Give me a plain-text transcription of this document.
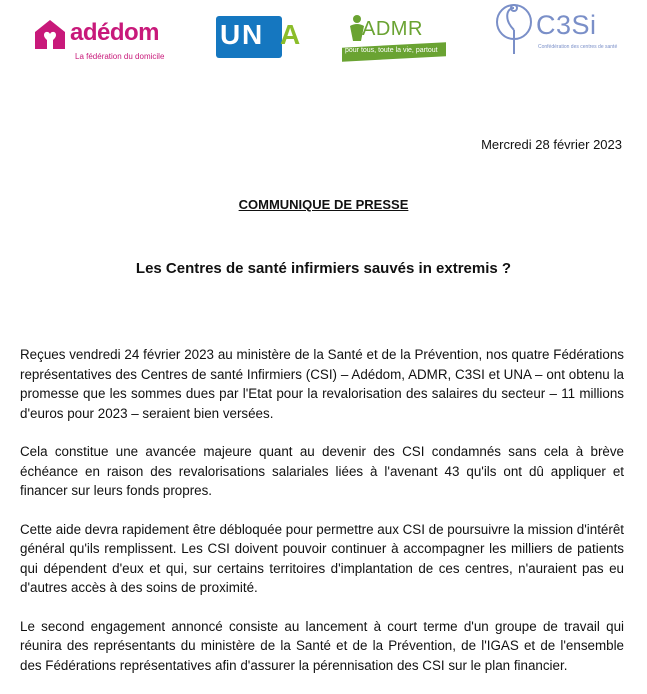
adédom
La fédération du domicile
U N A	ADMR
pour tous, toute la vie, partout
C3Si
Confédération des centres de santé
Mercredi 28 février 2023
COMMUNIQUE DE PRESSE
Les Centres de santé infirmiers sauvés in extremis ?

Reçues vendredi 24 février 2023 au ministère de la Santé et de la Prévention, nos quatre Fédérations représentatives des Centres de santé Infirmiers (CSI) – Adédom, ADMR, C3SI et UNA – ont obtenu la promesse que les sommes dues par l'Etat pour la revalorisation des salaires du secteur – 11 millions d'euros pour 2023 – seraient bien versées.

Cela constitue une avancée majeure quant au devenir des CSI condamnés sans cela à brève échéance en raison des revalorisations salariales liées à l'avenant 43 qu'ils ont dû appliquer et financer sur leurs fonds propres.

Cette aide devra rapidement être débloquée pour permettre aux CSI de poursuivre la mission d'intérêt général qu'ils remplissent. Les CSI doivent pouvoir continuer à accompagner les milliers de patients qui dépendent d'eux et qui, sur certains territoires d'implantation de ces centres, n'auraient pas eu d'autres accès à des soins de proximité.

Le second engagement annoncé consiste au lancement à court terme d'un groupe de travail qui réunira des représentants du ministère de la Santé et de la Prévention, de l'IGAS et de l'ensemble des Fédérations représentatives afin d'assurer la pérennisation des CSI sur le plan financier.
